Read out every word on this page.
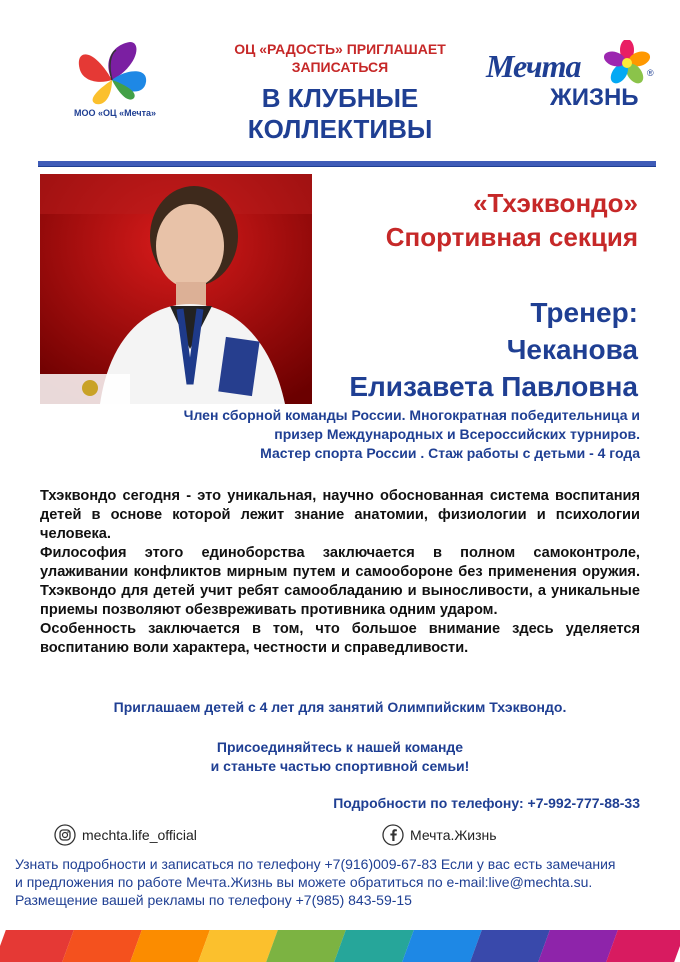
МОО «ОЦ «Мечта»
ОЦ «РАДОСТЬ» ПРИГЛАШАЕТ
ЗАПИСАТЬСЯ
В КЛУБНЫЕ
КОЛЛЕКТИВЫ
Мечта	®
ЖИЗНЬ
«Тхэквондо»
Спортивная секция
Тренер:
Чеканова
Елизавета Павловна
Член сборной команды России. Многократная победительница и
призер Международных и Всероссийских турниров.
Мастер спорта России . Стаж работы с детьми - 4 года

Тхэквондо сегодня - это уникальная, научно обоснованная система воспитания детей в основе которой лежит знание анатомии, физиологии и психологии человека.

Философия этого единоборства заключается в полном самоконтроле, улаживании конфликтов мирным путем и самообороне без применения оружия. Тхэквондо для детей учит ребят самообладанию и выносливости, а уникальные приемы позволяют обезвреживать противника одним ударом.

Особенность заключается в том, что большое внимание здесь уделяется воспитанию воли характера, честности и справедливости.

Приглашаем детей с 4 лет для занятий Олимпийским Тхэквондо.
Присоединяйтесь к нашей команде
и станьте частью спортивной семьи!
Подробности по телефону: +7-992-777-88-33
mechta.life_official	Мечта.Жизнь
Узнать подробности и записаться по телефону +7(916)009-67-83 Если у вас есть замечания
и предложения по работе Мечта.Жизнь вы можете обратиться по e-mail:live@mechta.su.
Размещение вашей рекламы по телефону +7(985) 843-59-15
